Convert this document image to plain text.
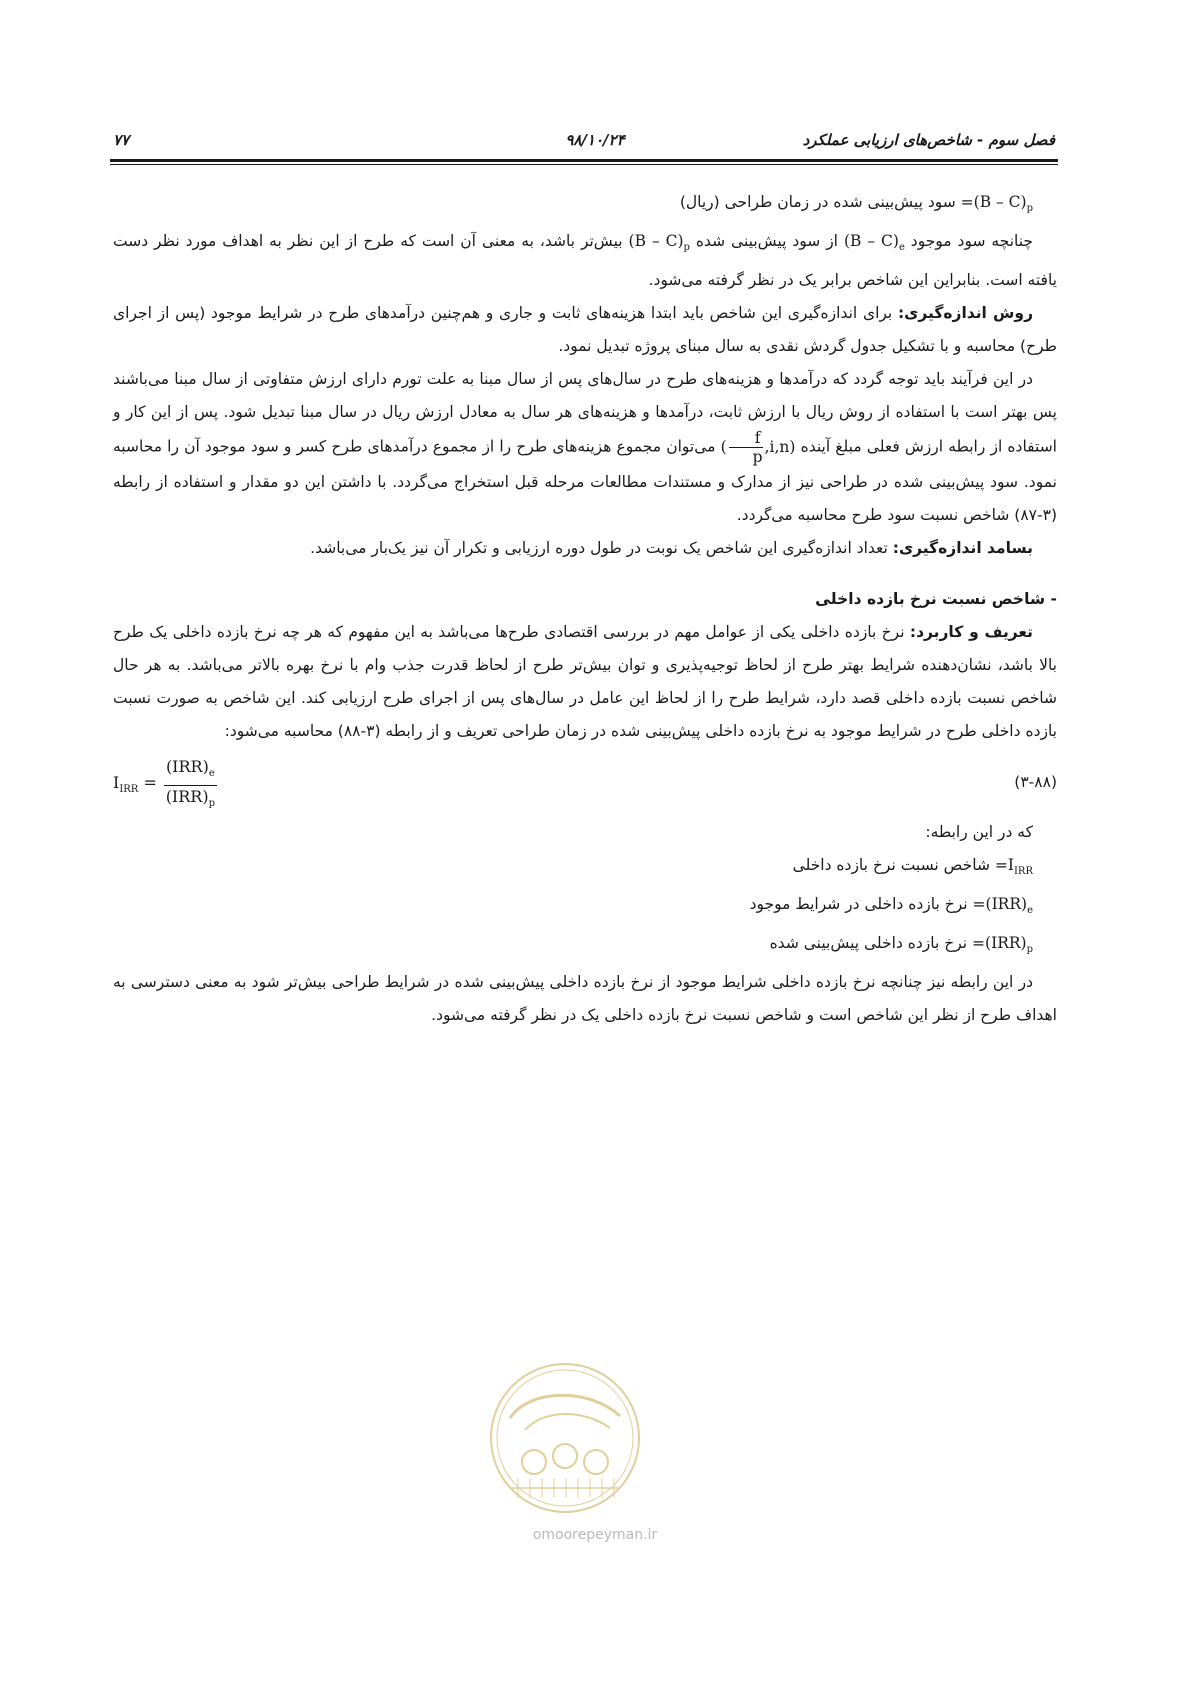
فصل سوم - شاخص‌های ارزیابی عملکرد
۹۸/۱۰/۲۴
۷۷

$(B - C)_p=$ سود پیش‌بینی شده در زمان طراحی (ریال)

چنانچه سود موجود $(B - C)_e$ از سود پیش‌بینی شده $(B - C)_p$ بیش‌تر باشد، به معنی آن است که طرح از این نظر به اهداف مورد نظر دست یافته است. بنابراین این شاخص برابر یک در نظر گرفته می‌شود.

روش اندازه‌گیری: برای اندازه‌گیری این شاخص باید ابتدا هزینه‌های ثابت و جاری و هم‌چنین درآمدهای طرح در شرایط موجود (پس از اجرای طرح) محاسبه و با تشکیل جدول گردش نقدی به سال مبنای پروژه تبدیل نمود.

در این فرآیند باید توجه گردد که درآمدها و هزینه‌های طرح در سال‌های پس از سال مبنا به علت تورم دارای ارزش متفاوتی از سال مبنا می‌باشند پس بهتر است با استفاده از روش ریال با ارزش ثابت، درآمدها و هزینه‌های هر سال به معادل ارزش ریال در سال مبنا تبدیل شود. پس از این کار و استفاده از رابطه ارزش فعلی مبلغ آینده ( $\frac{f}{p} ,i,n$) می‌توان مجموع هزینه‌های طرح را از مجموع درآمدهای طرح کسر و سود موجود آن را محاسبه نمود. سود پیش‌بینی شده در طراحی نیز از مدارک و مستندات مطالعات مرحله قبل استخراج می‌گردد. با داشتن این دو مقدار و استفاده از رابطه (۳-۸۷) شاخص نسبت سود طرح محاسبه می‌گردد.

بسامد اندازه‌گیری: تعداد اندازه‌گیری این شاخص یک نوبت در طول دوره ارزیابی و تکرار آن نیز یک‌بار می‌باشد.

- شاخص نسبت نرخ بازده داخلی

تعریف و کاربرد: نرخ بازده داخلی یکی از عوامل مهم در بررسی اقتصادی طرح‌ها می‌باشد به این مفهوم که هر چه نرخ بازده داخلی یک طرح بالا باشد، نشان‌دهنده شرایط بهتر طرح از لحاظ توجیه‌پذیری و توان بیش‌تر طرح از لحاظ قدرت جذب وام با نرخ بهره بالاتر می‌باشد. به هر حال شاخص نسبت بازده داخلی قصد دارد، شرایط طرح را از لحاظ این عامل در سال‌های پس از اجرای طرح ارزیابی کند. این شاخص به صورت نسبت بازده داخلی طرح در شرایط موجود به نرخ بازده داخلی پیش‌بینی شده در زمان طراحی تعریف و از رابطه (۳-۸۸) محاسبه می‌شود:

$I_{IRR} = \frac{(IRR)_e}{(IRR)_p}$	(۳-۸۸)

که در این رابطه:

$I_{IRR}=$ شاخص نسبت نرخ بازده داخلی

$(IRR)_e=$ نرخ بازده داخلی در شرایط موجود

$(IRR)_p=$ نرخ بازده داخلی پیش‌بینی شده

در این رابطه نیز چنانچه نرخ بازده داخلی شرایط موجود از نرخ بازده داخلی پیش‌بینی شده در شرایط طراحی بیش‌تر شود به معنی دسترسی به اهداف طرح از نظر این شاخص است و شاخص نسبت نرخ بازده داخلی یک در نظر گرفته می‌شود.

omoorepeyman.ir
